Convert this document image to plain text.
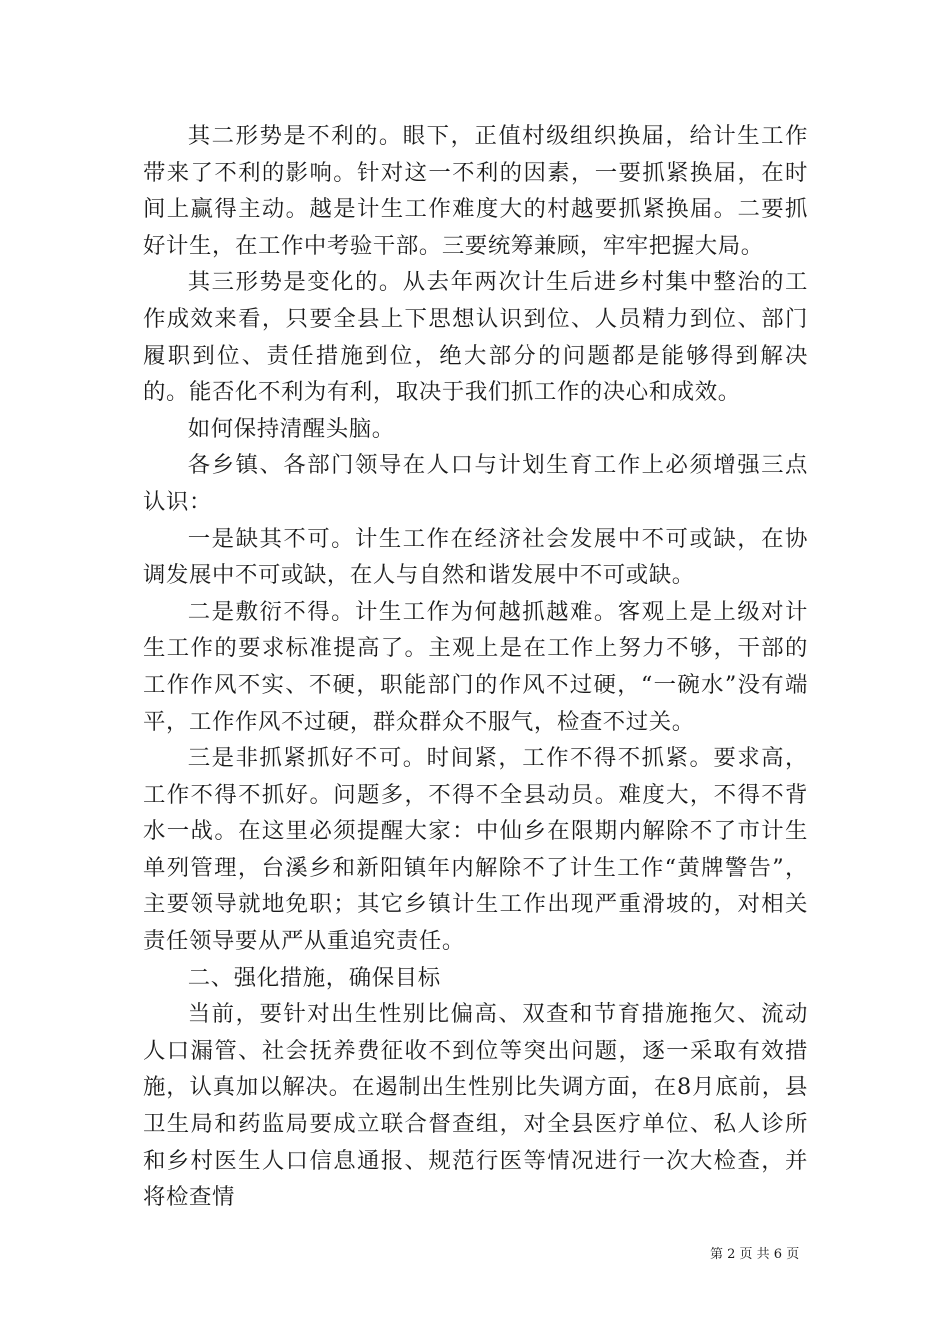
其二形势是不利的。眼下，正值村级组织换届，给计生工作带来了不利的影响。针对这一不利的因素，一要抓紧换届，在时间上赢得主动。越是计生工作难度大的村越要抓紧换届。二要抓好计生，在工作中考验干部。三要统筹兼顾，牢牢把握大局。

其三形势是变化的。从去年两次计生后进乡村集中整治的工作成效来看，只要全县上下思想认识到位、人员精力到位、部门履职到位、责任措施到位，绝大部分的问题都是能够得到解决的。能否化不利为有利，取决于我们抓工作的决心和成效。

如何保持清醒头脑。

各乡镇、各部门领导在人口与计划生育工作上必须增强三点认识：

一是缺其不可。计生工作在经济社会发展中不可或缺，在协调发展中不可或缺，在人与自然和谐发展中不可或缺。

二是敷衍不得。计生工作为何越抓越难。客观上是上级对计生工作的要求标准提高了。主观上是在工作上努力不够，干部的工作作风不实、不硬，职能部门的作风不过硬，“一碗水”没有端平，工作作风不过硬，群众群众不服气，检查不过关。

三是非抓紧抓好不可。时间紧，工作不得不抓紧。要求高，工作不得不抓好。问题多，不得不全县动员。难度大，不得不背水一战。在这里必须提醒大家：中仙乡在限期内解除不了市计生单列管理，台溪乡和新阳镇年内解除不了计生工作“黄牌警告”，主要领导就地免职；其它乡镇计生工作出现严重滑坡的，对相关责任领导要从严从重追究责任。

二、强化措施，确保目标

当前，要针对出生性别比偏高、双查和节育措施拖欠、流动人口漏管、社会抚养费征收不到位等突出问题，逐一采取有效措施，认真加以解决。在遏制出生性别比失调方面，在8月底前，县卫生局和药监局要成立联合督查组，对全县医疗单位、私人诊所和乡村医生人口信息通报、规范行医等情况进行一次大检查，并将检查情

第 2 页 共 6 页
